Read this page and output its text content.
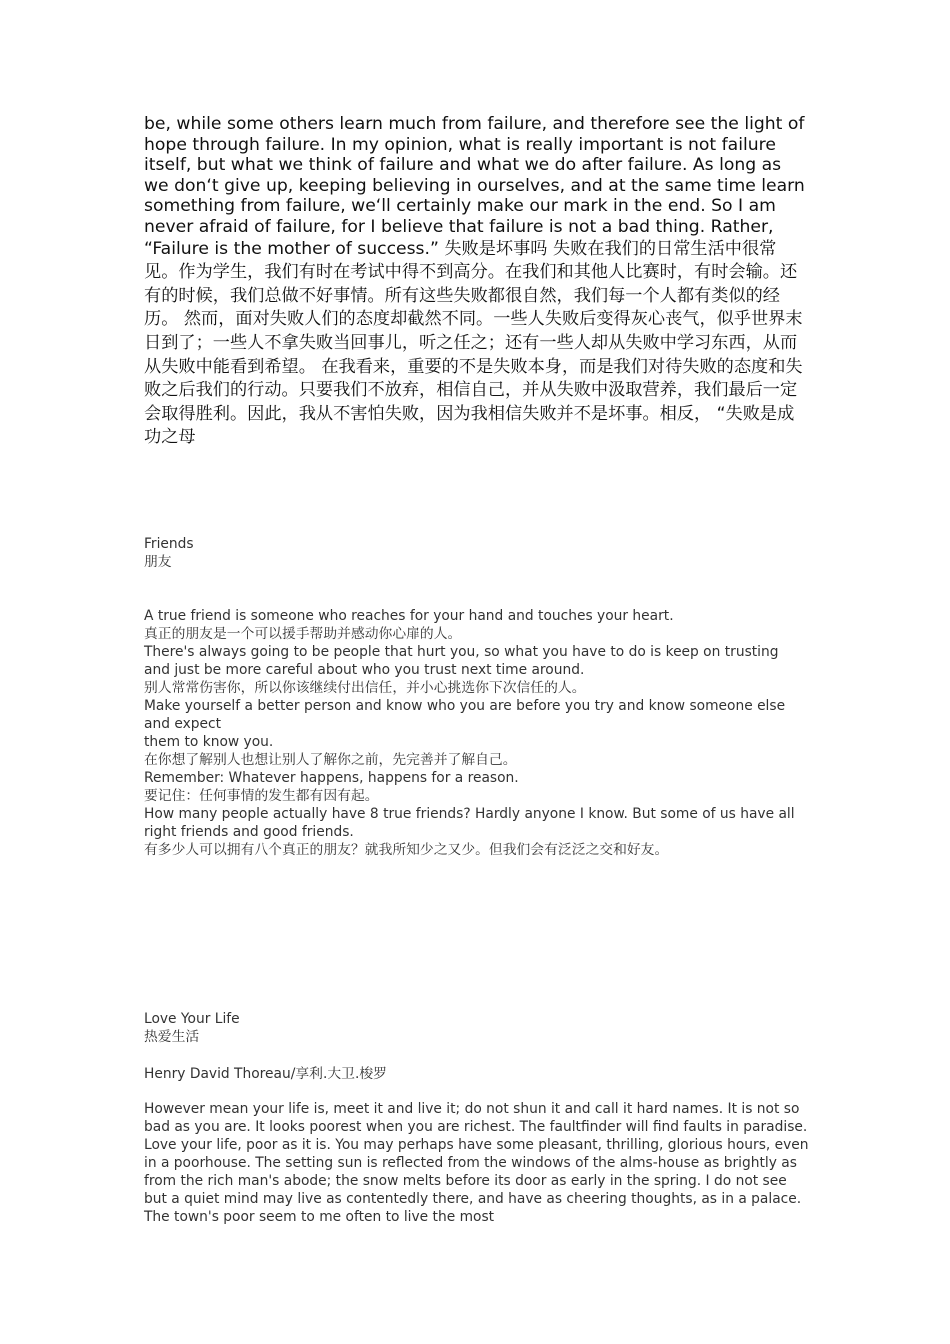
be, while some others learn much from failure, and therefore see the light of hope through failure. In my opinion, what is really important is not failure itself, but what we think of failure and what we do after failure. As long as we don‘t give up, keeping believing in ourselves, and at the same time learn something from failure, we‘ll certainly make our mark in the end. So I am never afraid of failure, for I believe that failure is not a bad thing. Rather, “Failure is the mother of success.” 失败是坏事吗 失败在我们的日常生活中很常见。作为学生，我们有时在考试中得不到高分。在我们和其他人比赛时，有时会输。还有的时候，我们总做不好事情。所有这些失败都很自然，我们每一个人都有类似的经历。 然而，面对失败人们的态度却截然不同。一些人失败后变得灰心丧气，似乎世界末日到了；一些人不拿失败当回事儿，听之任之；还有一些人却从失败中学习东西，从而从失败中能看到希望。 在我看来，重要的不是失败本身，而是我们对待失败的态度和失败之后我们的行动。只要我们不放弃，相信自己，并从失败中汲取营养，我们最后一定会取得胜利。因此，我从不害怕失败，因为我相信失败并不是坏事。相反， “失败是成功之母

Friends
朋友
A true friend is someone who reaches for your hand and touches your heart.
真正的朋友是一个可以援手帮助并感动你心扉的人。
There's always going to be people that hurt you, so what you have to do is keep on trusting and just be more careful about who you trust next time around.
别人常常伤害你，所以你该继续付出信任，并小心挑选你下次信任的人。
Make yourself a better person and know who you are before you try and know someone else and expect
them to know you.
在你想了解别人也想让别人了解你之前，先完善并了解自己。
Remember: Whatever happens, happens for a reason.
要记住：任何事情的发生都有因有起。
How many people actually have 8 true friends? Hardly anyone I know. But some of us have all right friends and good friends.
有多少人可以拥有八个真正的朋友？就我所知少之又少。但我们会有泛泛之交和好友。
Love Your Life
热爱生活
Henry David Thoreau/享利.大卫.梭罗

However mean your life is, meet it and live it; do not shun it and call it hard names. It is not so bad as you are. It looks poorest when you are richest. The faultfinder will find faults in paradise. Love your life, poor as it is. You may perhaps have some pleasant, thrilling, glorious hours, even in a poorhouse. The setting sun is reflected from the windows of the alms-house as brightly as from the rich man's abode; the snow melts before its door as early in the spring. I do not see but a quiet mind may live as contentedly there, and have as cheering thoughts, as in a palace. The town's poor seem to me often to live the most
